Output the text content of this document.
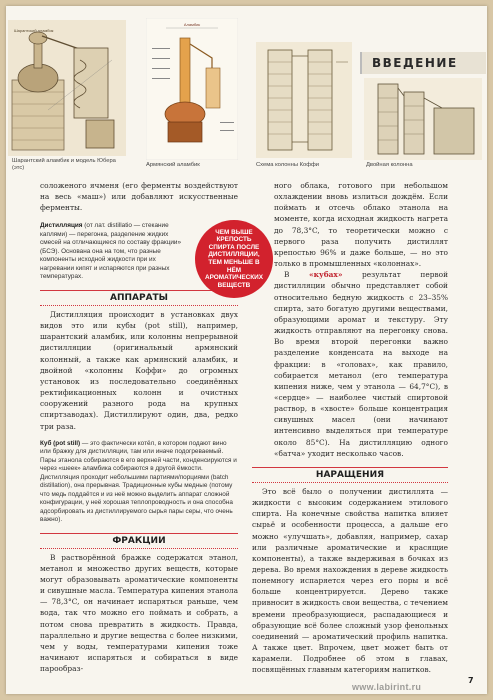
Шарантский аламбик
Аламбик
ВВЕДЕНИЕ
Шарантский аламбик и модель Юбера (этс)	Армянский аламбик	Схема колонны Коффи	Двойная колонна

соложеного ячменя (его ферменты воздействуют на весь «маш») или добавляют искусственные ферменты.

Дистилляция (от лат. distillatio — стекание каплями) — перегонка, разделение жидких смесей на отличающиеся по составу фракции» (БСЭ). Основана она на том, что разные компоненты исходной жидкости при их нагревании кипят и испаряются при разных температурах.

АППАРАТЫ

Дистилляция происходит в установках двух видов это или кубы (pot still), например, шарантский аламбик, или колонны непрерывной дистилляции (оригинальный армянский колонный, а также как армянский аламбик, и двойной «колонны Коффи» до огромных установок из последовательно соединённых ректификационных колонн и очистных сооружений разного рода на крупных спиртзаводах). Дистиллируют один, два, редко три раза.

Куб (pot still) — это фактически котёл, в котором подают вино или бражку для дистилляции, там или иначе подогреваемый. Пары этанола собираются в его верхней части, конденсируются и через «шеек» аламбика собираются в другой ёмкости. Дистилляция проходит небольшими партиями/порциями (batch distillation), она прерывная. Традиционные кубы медные (потому что медь поддаётся и из неё можно выделить аппарат сложной конфигурации, у неё хорошая теплопроводность и она способна адсорбировать из дистиллируемого сырья пары серы, что очень важно).

ФРАКЦИИ

В растворённой бражке содержатся этанол, метанол и множество других веществ, которые могут образовывать ароматические компоненты и сивушные масла. Температура кипения этанола — 78,3°C, он начинает испаряться раньше, чем вода, так что можно его поймать и собрать, а потом снова превратить в жидкость. Правда, параллельно и другие вещества с более низкими, чем у воды, температурами кипения тоже начинают испаряться и собираться в виде парообраз-

ного облака, готового при небольшом охлаждении вновь излиться дождём. Если поймать и отсечь облако этанола на моменте, когда исходная жидкость нагрета до 78,3°C, то теоретически можно с первого раза получить дистиллят крепостью 96% и даже больше, — но это только в промышленных «колоннах».

В «кубах» результат первой дистилляции обычно представляет собой относительно бедную жидкость с 23–35% спирта, зато богатую другими веществами, образующими аромат и текстуру. Эту жидкость отправляют на перегонку снова. Во время второй перегонки важно разделение конденсата на выходе на фракции: в «головах», как правило, собирается метанол (его температура кипения ниже, чем у этанола — 64,7°C), в «сердце» — наиболее чистый спиртовой раствор, в «хвосте» больше концентрация сивушных масел (они начинают интенсивно выделяться при температуре около 85°C). На дистилляцию одного «батча» уходит несколько часов.

НАРАЩЕНИЯ

Это всё было о получении дистиллята — жидкости с высоким содержанием этилового спирта. На конечные свойства напитка влияет сырьё и особенности процесса, а дальше его можно «улучшать», добавляя, например, сахар или различные ароматические и красящие компоненты), а также выдерживая в бочках из дерева. Во время нахождения в дереве жидкость понемногу испаряется через его поры и всё больше концентрируется. Дерево также привносит в жидкость свои вещества, с течением времени преобразующиеся, распадающиеся и образующие всё более сложный узор фенольных соединений — ароматический профиль напитка. А также цвет. Впрочем, цвет может быть от карамели. Подробнее об этом в главах, посвящённых главным категориям напитков.

ЧЕМ ВЫШЕ КРЕПОСТЬ СПИРТА ПОСЛЕ ДИСТИЛЛЯЦИИ, ТЕМ МЕНЬШЕ В НЁМ АРОМАТИЧЕСКИХ ВЕЩЕСТВ
www.labirint.ru
7
